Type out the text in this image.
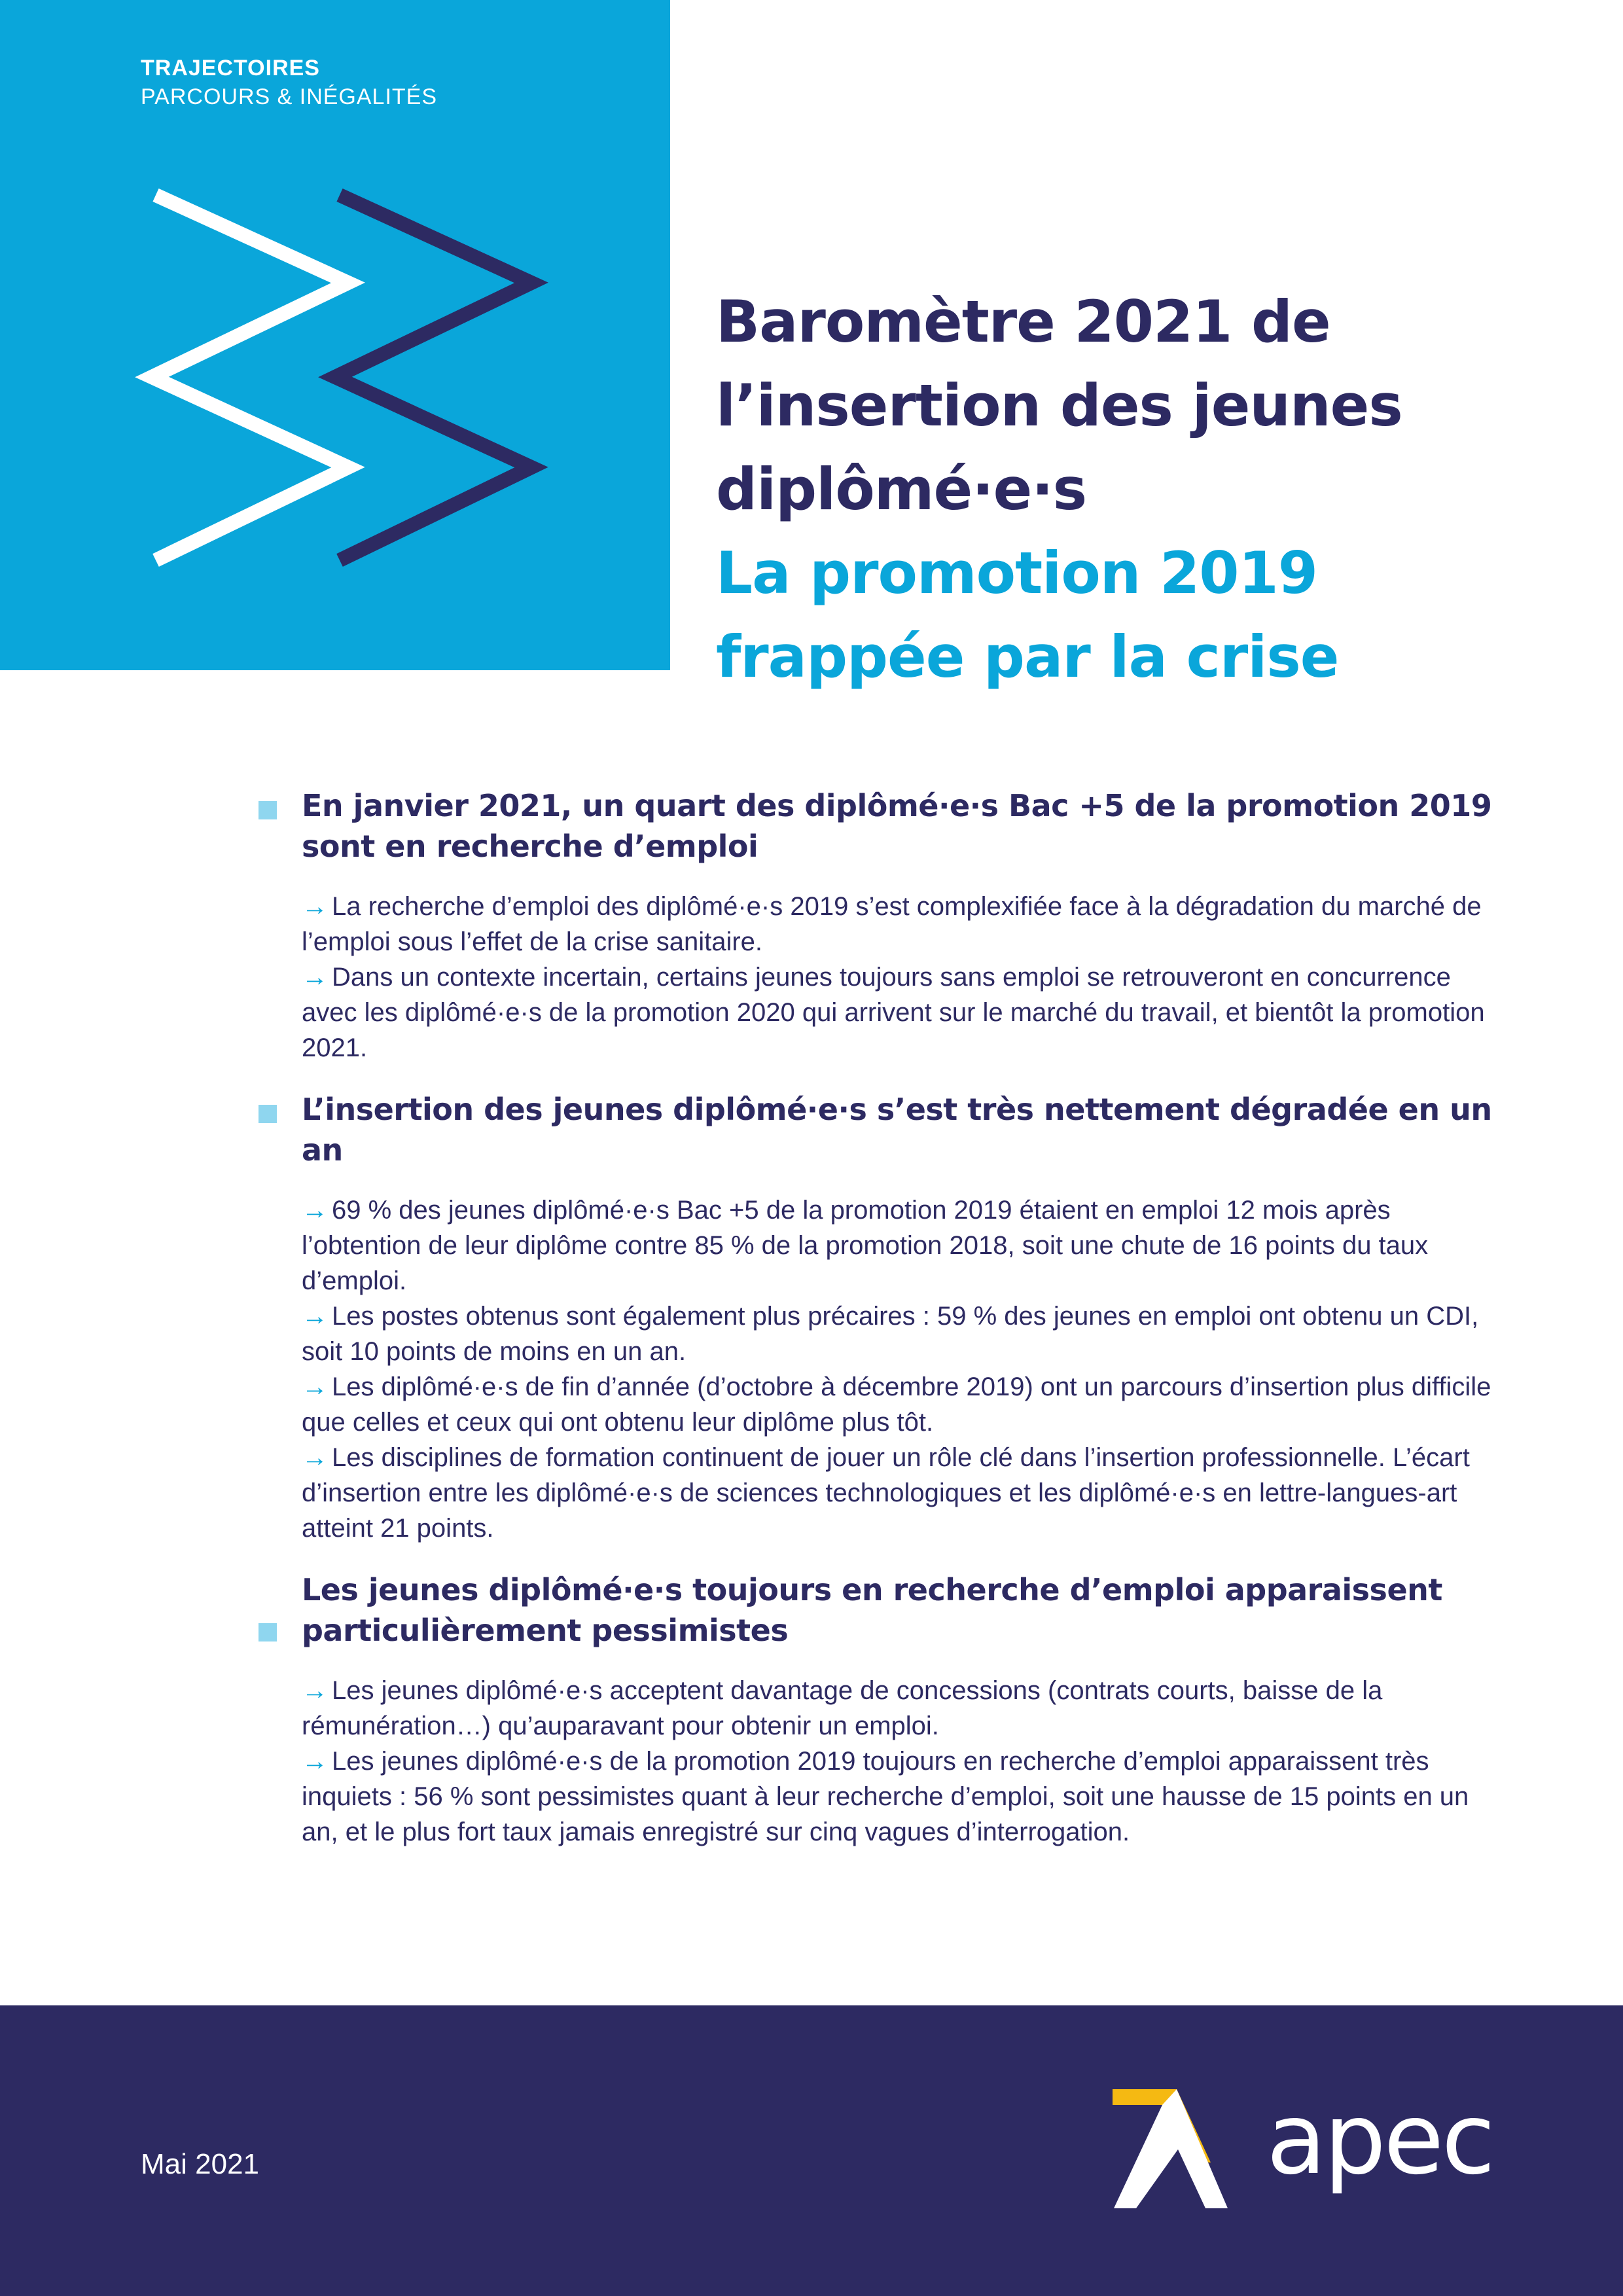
TRAJECTOIRES
PARCOURS & INÉGALITÉS
Baromètre 2021 de
l’insertion des jeunes
diplômé·e·s
La promotion 2019
frappée par la crise
En janvier 2021, un quart des diplômé·e·s Bac +5 de la promotion 2019 sont en recherche d’emploi

→ La recherche d’emploi des diplômé·e·s 2019 s’est complexifiée face à la dégradation du marché de l’emploi sous l’effet de la crise sanitaire.

→ Dans un contexte incertain, certains jeunes toujours sans emploi se retrouveront en concurrence avec les diplômé·e·s de la promotion 2020 qui arrivent sur le marché du travail, et bientôt la promotion 2021.

L’insertion des jeunes diplômé·e·s s’est très nettement dégradée en un an

→ 69 % des jeunes diplômé·e·s Bac +5 de la promotion 2019 étaient en emploi 12 mois après l’obtention de leur diplôme contre 85 % de la promotion 2018, soit une chute de 16 points du taux d’emploi.

→ Les postes obtenus sont également plus précaires : 59 % des jeunes en emploi ont obtenu un CDI, soit 10 points de moins en un an.

→ Les diplômé·e·s de fin d’année (d’octobre à décembre 2019) ont un parcours d’insertion plus difficile que celles et ceux qui ont obtenu leur diplôme plus tôt.

→ Les disciplines de formation continuent de jouer un rôle clé dans l’insertion professionnelle. L’écart d’insertion entre les diplômé·e·s de sciences technologiques et les diplômé·e·s en lettre-langues-art atteint 21 points.

Les jeunes diplômé·e·s toujours en recherche d’emploi apparaissent particulièrement pessimistes

→ Les jeunes diplômé·e·s acceptent davantage de concessions (contrats courts, baisse de la rémunération…) qu’auparavant pour obtenir un emploi.

→ Les jeunes diplômé·e·s de la promotion 2019 toujours en recherche d’emploi apparaissent très inquiets : 56 % sont pessimistes quant à leur recherche d’emploi, soit une hausse de 15 points en un an, et le plus fort taux jamais enregistré sur cinq vagues d’interrogation.

Mai 2021	apec
